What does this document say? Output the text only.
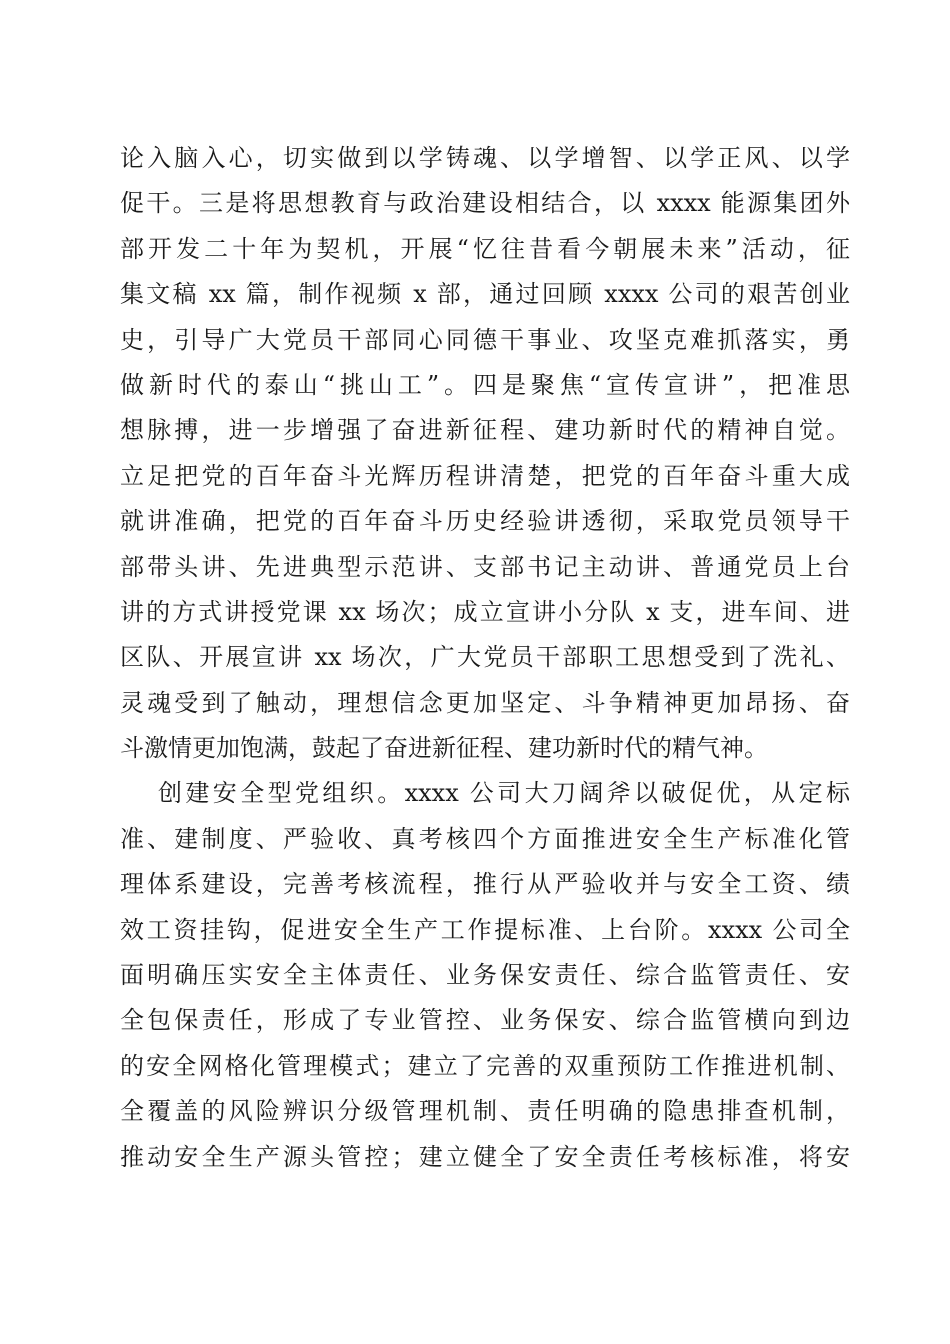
论入脑入心，切实做到以学铸魂、以学增智、以学正风、以学
促干。三是将思想教育与政治建设相结合，以 xxxx 能源集团外
部开发二十年为契机，开展“忆往昔看今朝展未来”活动，征
集文稿 xx 篇，制作视频 x 部，通过回顾 xxxx 公司的艰苦创业
史，引导广大党员干部同心同德干事业、攻坚克难抓落实，勇
做新时代的泰山“挑山工”。四是聚焦“宣传宣讲”，把准思
想脉搏，进一步增强了奋进新征程、建功新时代的精神自觉。
立足把党的百年奋斗光辉历程讲清楚，把党的百年奋斗重大成
就讲准确，把党的百年奋斗历史经验讲透彻，采取党员领导干
部带头讲、先进典型示范讲、支部书记主动讲、普通党员上台
讲的方式讲授党课 xx 场次；成立宣讲小分队 x 支，进车间、进
区队、开展宣讲 xx 场次，广大党员干部职工思想受到了洗礼、
灵魂受到了触动，理想信念更加坚定、斗争精神更加昂扬、奋
斗激情更加饱满，鼓起了奋进新征程、建功新时代的精气神。
创建安全型党组织。xxxx 公司大刀阔斧以破促优，从定标
准、建制度、严验收、真考核四个方面推进安全生产标准化管
理体系建设，完善考核流程，推行从严验收并与安全工资、绩
效工资挂钩，促进安全生产工作提标准、上台阶。xxxx 公司全
面明确压实安全主体责任、业务保安责任、综合监管责任、安
全包保责任，形成了专业管控、业务保安、综合监管横向到边
的安全网格化管理模式；建立了完善的双重预防工作推进机制、
全覆盖的风险辨识分级管理机制、责任明确的隐患排查机制，
推动安全生产源头管控；建立健全了安全责任考核标准，将安
